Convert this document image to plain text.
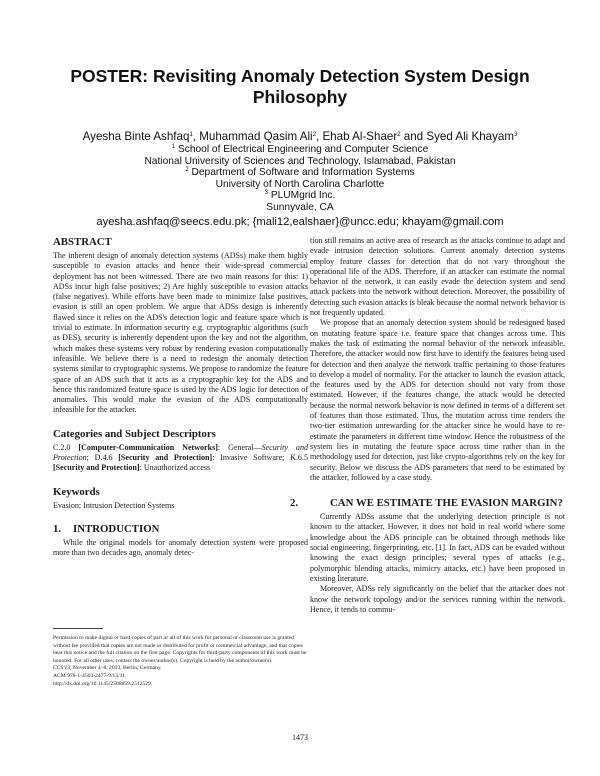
POSTER: Revisiting Anomaly Detection System Design Philosophy
Ayesha Binte Ashfaq$^1$, Muhammad Qasim Ali$^2$, Ehab Al-Shaer$^2$ and Syed Ali Khayam$^3$
$^1$ School of Electrical Engineering and Computer Science
National University of Sciences and Technology, Islamabad, Pakistan
$^2$ Department of Software and Information Systems
University of North Carolina Charlotte
$^3$ PLUMgrid Inc.
Sunnyvale, CA
ayesha.ashfaq@seecs.edu.pk; {mali12,ealshaer}@uncc.edu; khayam@gmail.com
ABSTRACT

The inherent design of anomaly detection systems (ADSs) make them highly susceptible to evasion attacks and hence their wide-spread commercial deployment has not been witnessed. There are two main reasons for this: 1) ADSs incur high false positives; 2) Are highly susceptible to evasion attacks (false negatives). While efforts have been made to minimize false positives, evasion is still an open problem. We argue that ADSs design is inherently flawed since it relies on the ADS's detection logic and feature space which is trivial to estimate. In information security e.g. cryptographic algorithms (such as DES), security is inherently dependent upon the key and not the algorithm, which makes these systems very robust by rendering evasion computationally infeasible. We believe there is a need to redesign the anomaly detection systems similar to cryptographic systems. We propose to randomize the feature space of an ADS such that it acts as a cryptographic key for the ADS and hence this randomized feature space is used by the ADS logic for detection of anomalies. This would make the evasion of the ADS computationally infeasible for the attacker.

Categories and Subject Descriptors

C.2.0 [Computer-Communication Networks]: General—Security and Protection; D.4.6 [Security and Protection]: Invasive Software; K.6.5 [Security and Protection]: Unauthorized access

Keywords

Evasion; Intrusion Detection Systems

1. INTRODUCTION

While the original models for anomaly detection system were proposed more than two decades ago, anomaly detec-

Permission to make digital or hard copies of part or all of this work for personal or classroom use is granted without fee provided that copies are not made or distributed for profit or commercial advantage, and that copies bear this notice and the full citation on the first page. Copyrights for third-party components of this work must be honored. For all other uses, contact the owner/author(s). Copyright is held by the author/owner(s).

CCS'13, November 4–8, 2013, Berlin, Germany.

ACM 978-1-4503-2477-9/13/11.

http://dx.doi.org/10.1145/2508859.2512529.

tion still remains an active area of research as the attacks continue to adapt and evade intrusion detection solutions. Current anomaly detection systems employ feature classes for detection that do not vary throughout the operational life of the ADS. Therefore, if an attacker can estimate the normal behavior of the network, it can easily evade the detection system and send attack packets into the network without detection. Moreover, the possibility of detecting such evasion attacks is bleak because the normal network behavior is not frequently updated.

We propose that an anomaly detection system should be redesigned based on mutating feature space i.e. feature space that changes across time. This makes the task of estimating the normal behavior of the network infeasible. Therefore, the attacker would now first have to identify the features being used for detection and then analyze the network traffic pertaining to those features to develop a model of normality. For the attacker to launch the evasion attack, the features used by the ADS for detection should not vary from those estimated. However, if the features change, the attack would be detected because the normal network behavior is now defined in terms of a different set of features than those estimated. Thus, the mutation across time renders the two-tier estimation unrewarding for the attacker since he would have to re-estimate the parameters in different time window. Hence the robustness of the system lies in mutating the feature space across time rather than in the methodology used for detection, just like crypto-algorithms rely on the key for security. Below we discuss the ADS parameters that need to be estimated by the attacker, followed by a case study.

2.	CAN WE ESTIMATE THE EVASION MARGIN?

Currently ADSs assume that the underlying detection principle is not known to the attacker. However, it does not hold in real world where some knowledge about the ADS principle can be obtained through methods like social engineering, fingerprinting, etc. [1]. In fact, ADS can be evaded without knowing the exact design principles; several types of attacks (e.g., polymorphic blending attacks, mimicry attacks, etc.) have been proposed in existing literature.

Moreover, ADSs rely significantly on the belief that the attacker does not know the network topology and/or the services running within the network. Hence, it tends to commu-

1473
